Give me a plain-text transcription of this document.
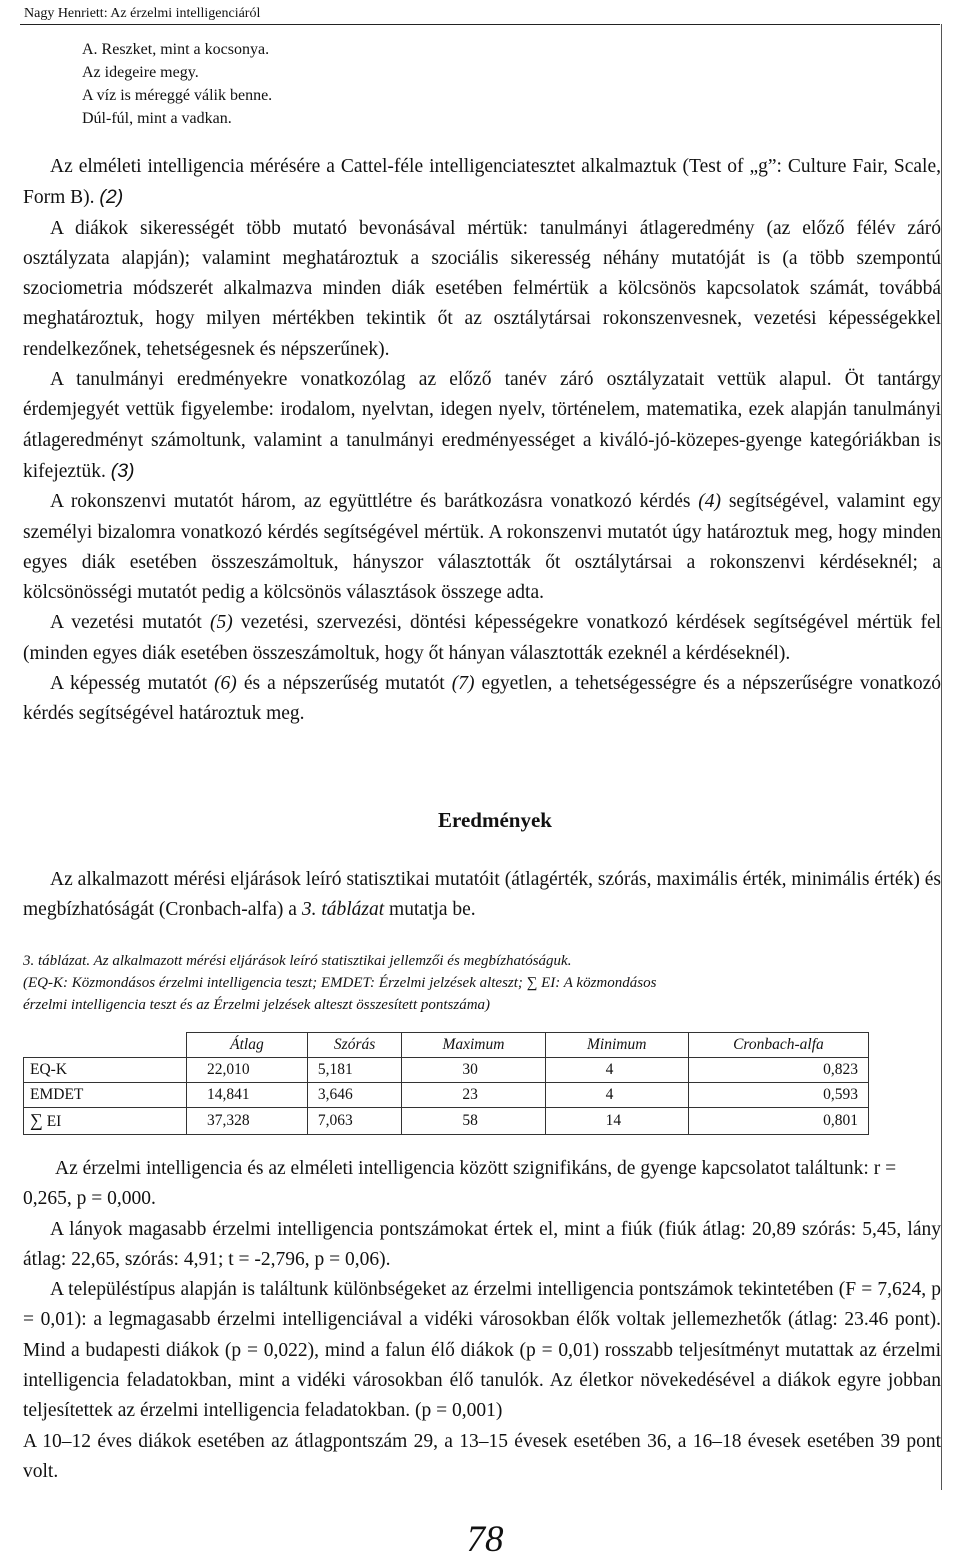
Nagy Henriett: Az érzelmi intelligenciáról
A. Reszket, mint a kocsonya.
Az idegeire megy.
A víz is méreggé válik benne.
Dúl-fúl, mint a vadkan.

Az elméleti intelligencia mérésére a Cattel-féle intelligenciatesztet alkalmaztuk (Test of „g”: Culture Fair, Scale, Form B). (2)

A diákok sikerességét több mutató bevonásával mértük: tanulmányi átlageredmény (az előző félév záró osztályzata alapján); valamint meghatároztuk a szociális sikeresség néhány mutatóját is (a több szempontú szociometria módszerét alkalmazva minden diák esetében felmértük a kölcsönös kapcsolatok számát, továbbá meghatároztuk, hogy milyen mértékben tekintik őt az osztálytársai rokonszenvesnek, vezetési képességekkel rendelkezőnek, tehetségesnek és népszerűnek).

A tanulmányi eredményekre vonatkozólag az előző tanév záró osztályzatait vettük alapul. Öt tantárgy érdemjegyét vettük figyelembe: irodalom, nyelvtan, idegen nyelv, történelem, matematika, ezek alapján tanulmányi átlageredményt számoltunk, valamint a tanulmányi eredményességet a kiváló-jó-közepes-gyenge kategóriákban is kifejeztük. (3)

A rokonszenvi mutatót három, az együttlétre és barátkozásra vonatkozó kérdés (4) segítségével, valamint egy személyi bizalomra vonatkozó kérdés segítségével mértük. A rokonszenvi mutatót úgy határoztuk meg, hogy minden egyes diák esetében összeszámoltuk, hányszor választották őt osztálytársai a rokonszenvi kérdéseknél; a kölcsönösségi mutatót pedig a kölcsönös választások összege adta.

A vezetési mutatót (5) vezetési, szervezési, döntési képességekre vonatkozó kérdések segítségével mértük fel (minden egyes diák esetében összeszámoltuk, hogy őt hányan választották ezeknél a kérdéseknél).

A képesség mutatót (6) és a népszerűség mutatót (7) egyetlen, a tehetségességre és a népszerűségre vonatkozó kérdés segítségével határoztuk meg.

Eredmények

Az alkalmazott mérési eljárások leíró statisztikai mutatóit (átlagérték, szórás, maximális érték, minimális érték) és megbízhatóságát (Cronbach-alfa) a 3. táblázat mutatja be.

3. táblázat. Az alkalmazott mérési eljárások leíró statisztikai jellemzői és megbízhatóságuk.
(EQ-K: Közmondásos érzelmi intelligencia teszt; EMDET: Érzelmi jelzések alteszt; ∑ EI: A közmondásos
érzelmi intelligencia teszt és az Érzelmi jelzések alteszt összesített pontszáma)
	Átlag	Szórás	Maximum	Minimum	Cronbach-alfa
EQ-K	22,010	5,181	30	4	0,823
EMDET	14,841	3,646	23	4	0,593
∑ EI	37,328	7,063	58	14	0,801

Az érzelmi intelligencia és az elméleti intelligencia között szignifikáns, de gyenge kapcsolatot találtunk: r = 0,265, p = 0,000.

A lányok magasabb érzelmi intelligencia pontszámokat értek el, mint a fiúk (fiúk átlag: 20,89 szórás: 5,45, lány átlag: 22,65, szórás: 4,91; t = -2,796, p = 0,06).

A településtípus alapján is találtunk különbségeket az érzelmi intelligencia pontszámok tekintetében (F = 7,624, p = 0,01): a legmagasabb érzelmi intelligenciával a vidéki városokban élők voltak jellemezhetők (átlag: 23.46 pont). Mind a budapesti diákok (p = 0,022), mind a falun élő diákok (p = 0,01) rosszabb teljesítményt mutattak az érzelmi intelligencia feladatokban, mint a vidéki városokban élő tanulók. Az életkor növekedésével a diákok egyre jobban teljesítettek az érzelmi intelligencia feladatokban. (p = 0,001)

A 10–12 éves diákok esetében az átlagpontszám 29, a 13–15 évesek esetében 36, a 16–18 évesek esetében 39 pont volt.

78
